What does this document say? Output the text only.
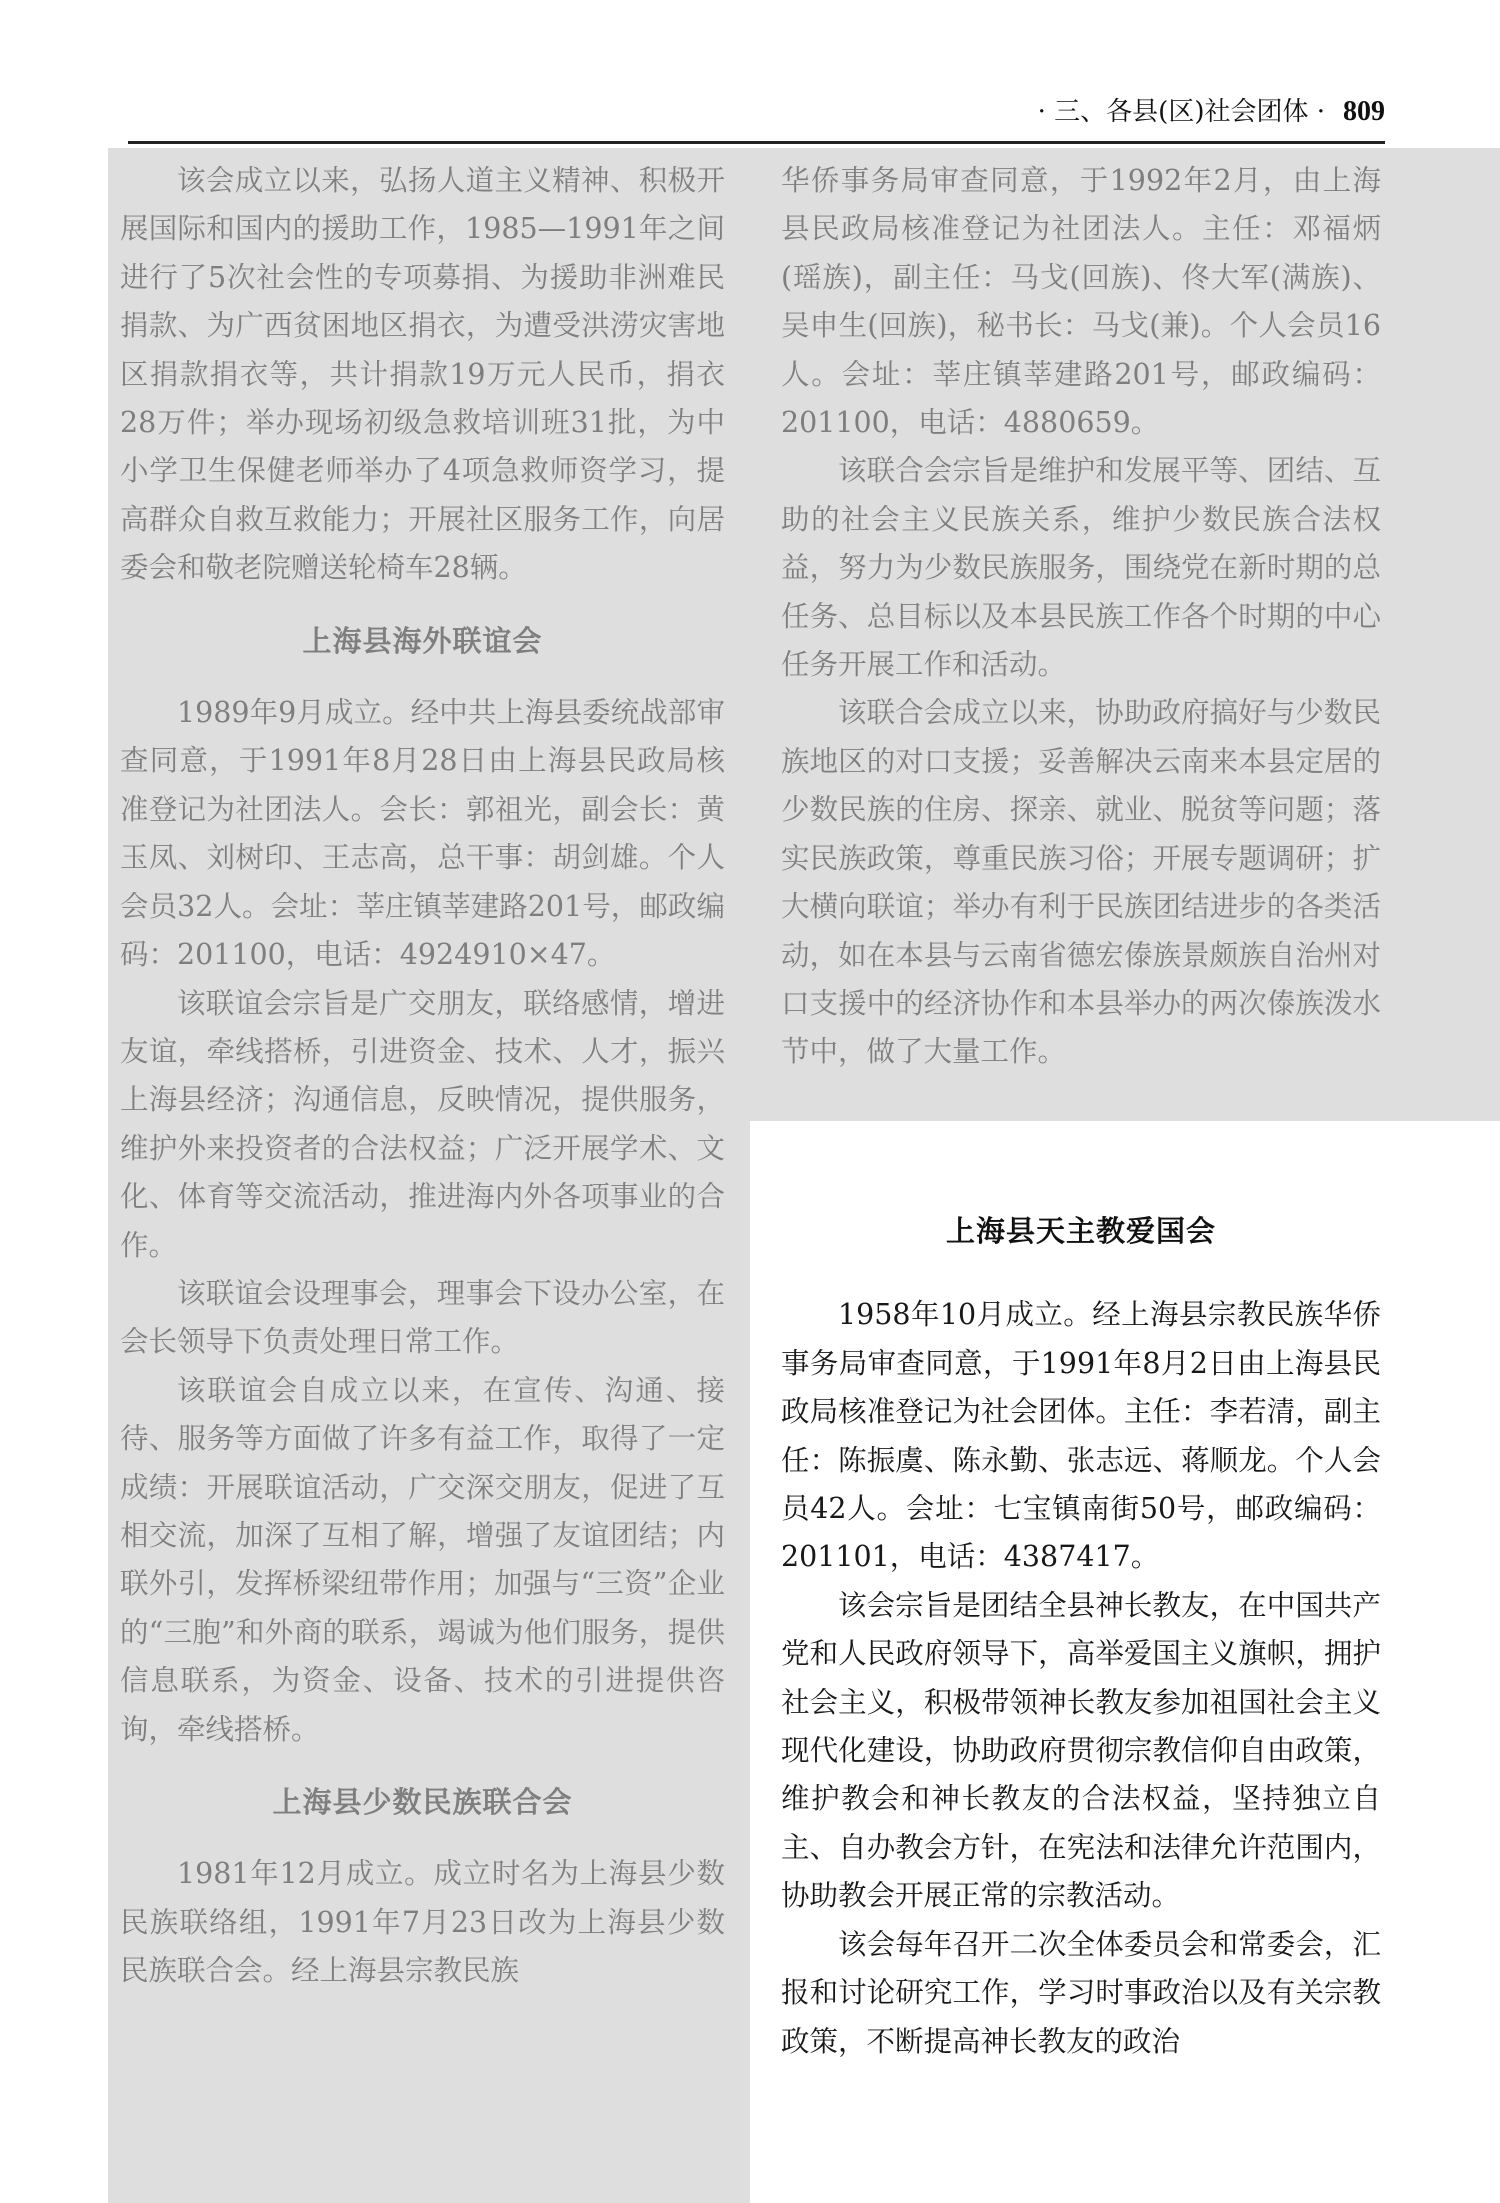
· 三、各县(区)社会团体 · 809

该会成立以来，弘扬人道主义精神、积极开展国际和国内的援助工作，1985—1991年之间进行了5次社会性的专项募捐、为援助非洲难民捐款、为广西贫困地区捐衣，为遭受洪涝灾害地区捐款捐衣等，共计捐款19万元人民币，捐衣28万件；举办现场初级急救培训班31批，为中小学卫生保健老师举办了4项急救师资学习，提高群众自救互救能力；开展社区服务工作，向居委会和敬老院赠送轮椅车28辆。

上海县海外联谊会

1989年9月成立。经中共上海县委统战部审查同意，于1991年8月28日由上海县民政局核准登记为社团法人。会长：郭祖光，副会长：黄玉凤、刘树印、王志高，总干事：胡剑雄。个人会员32人。会址：莘庄镇莘建路201号，邮政编码：201100，电话：4924910×47。

该联谊会宗旨是广交朋友，联络感情，增进友谊，牵线搭桥，引进资金、技术、人才，振兴上海县经济；沟通信息，反映情况，提供服务，维护外来投资者的合法权益；广泛开展学术、文化、体育等交流活动，推进海内外各项事业的合作。

该联谊会设理事会，理事会下设办公室，在会长领导下负责处理日常工作。

该联谊会自成立以来，在宣传、沟通、接待、服务等方面做了许多有益工作，取得了一定成绩：开展联谊活动，广交深交朋友，促进了互相交流，加深了互相了解，增强了友谊团结；内联外引，发挥桥梁纽带作用；加强与“三资”企业的“三胞”和外商的联系，竭诚为他们服务，提供信息联系，为资金、设备、技术的引进提供咨询，牵线搭桥。

上海县少数民族联合会

1981年12月成立。成立时名为上海县少数民族联络组，1991年7月23日改为上海县少数民族联合会。经上海县宗教民族

华侨事务局审查同意，于1992年2月，由上海县民政局核准登记为社团法人。主任：邓福炳(瑶族)，副主任：马戈(回族)、佟大军(满族)、吴申生(回族)，秘书长：马戈(兼)。个人会员16人。会址：莘庄镇莘建路201号，邮政编码：201100，电话：4880659。

该联合会宗旨是维护和发展平等、团结、互助的社会主义民族关系，维护少数民族合法权益，努力为少数民族服务，围绕党在新时期的总任务、总目标以及本县民族工作各个时期的中心任务开展工作和活动。

该联合会成立以来，协助政府搞好与少数民族地区的对口支援；妥善解决云南来本县定居的少数民族的住房、探亲、就业、脱贫等问题；落实民族政策，尊重民族习俗；开展专题调研；扩大横向联谊；举办有利于民族团结进步的各类活动，如在本县与云南省德宏傣族景颇族自治州对口支援中的经济协作和本县举办的两次傣族泼水节中，做了大量工作。

上海县天主教爱国会

1958年10月成立。经上海县宗教民族华侨事务局审查同意，于1991年8月2日由上海县民政局核准登记为社会团体。主任：李若清，副主任：陈振虞、陈永勤、张志远、蒋顺龙。个人会员42人。会址：七宝镇南街50号，邮政编码：201101，电话：4387417。

该会宗旨是团结全县神长教友，在中国共产党和人民政府领导下，高举爱国主义旗帜，拥护社会主义，积极带领神长教友参加祖国社会主义现代化建设，协助政府贯彻宗教信仰自由政策，维护教会和神长教友的合法权益，坚持独立自主、自办教会方针，在宪法和法律允许范围内，协助教会开展正常的宗教活动。

该会每年召开二次全体委员会和常委会，汇报和讨论研究工作，学习时事政治以及有关宗教政策，不断提高神长教友的政治
